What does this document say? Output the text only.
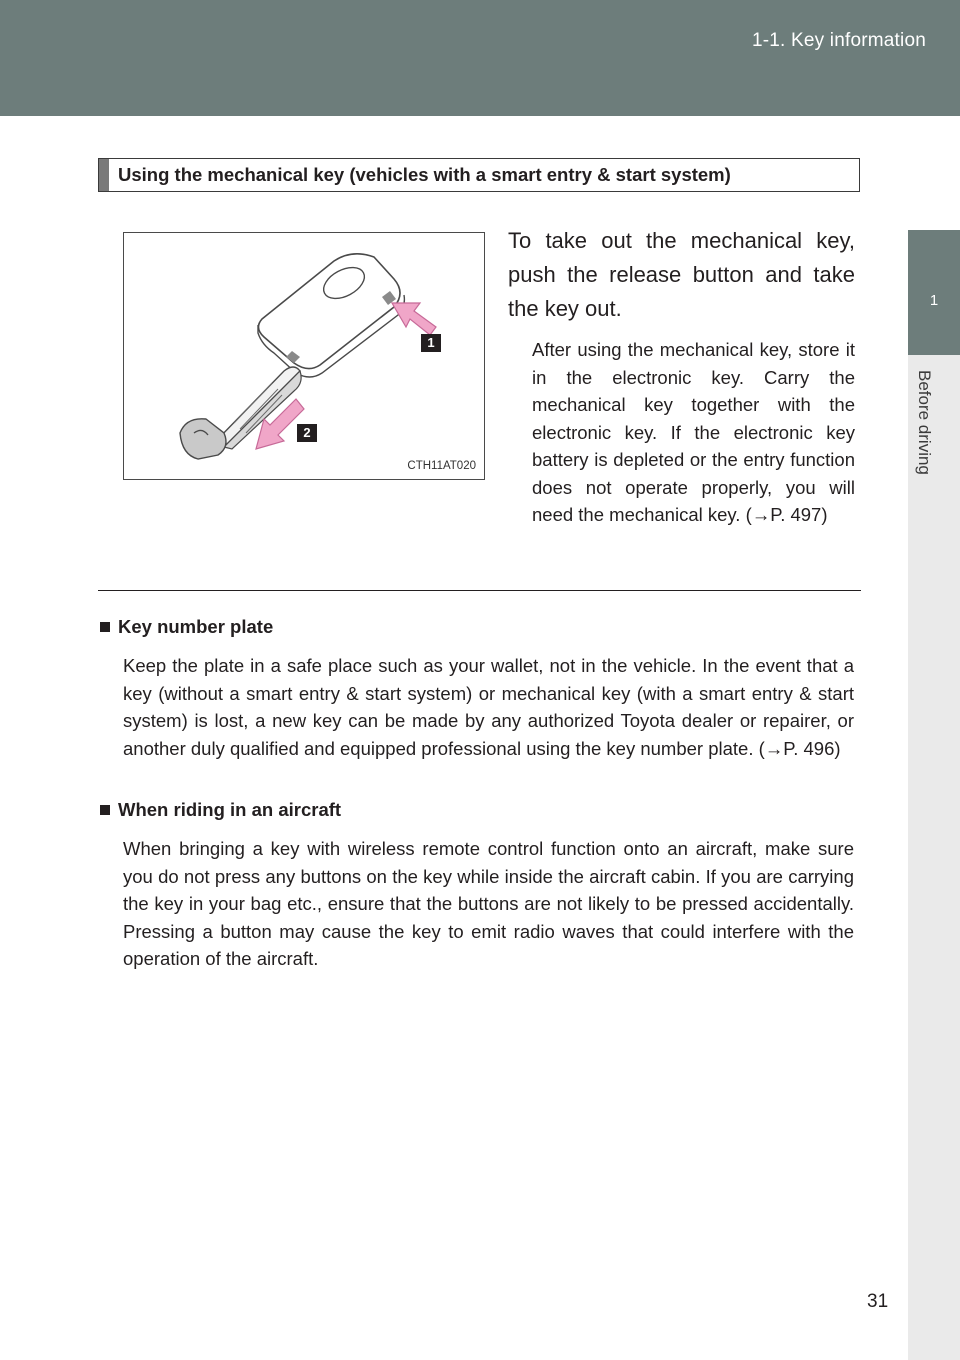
1-1. Key information
1
Before driving
Using the mechanical key (vehicles with a smart entry & start system)
1
2
CTH11AT020
To take out the mechanical key, push the release button and take the key out.
After using the mechanical key, store it in the electronic key. Carry the mechanical key together with the electronic key. If the electronic key battery is depleted or the entry function does not operate properly, you will need the mechanical key. ( → P. 497)
Key number plate
Keep the plate in a safe place such as your wallet, not in the vehicle. In the event that a key (without a smart entry & start system) or mechanical key (with a smart entry & start system) is lost, a new key can be made by any authorized Toyota dealer or repairer, or another duly qualified and equipped professional using the key number plate. ( → P. 496)
When riding in an aircraft
When bringing a key with wireless remote control function onto an aircraft, make sure you do not press any buttons on the key while inside the aircraft cabin. If you are carrying the key in your bag etc., ensure that the buttons are not likely to be pressed accidentally. Pressing a button may cause the key to emit radio waves that could interfere with the operation of the aircraft.
31
